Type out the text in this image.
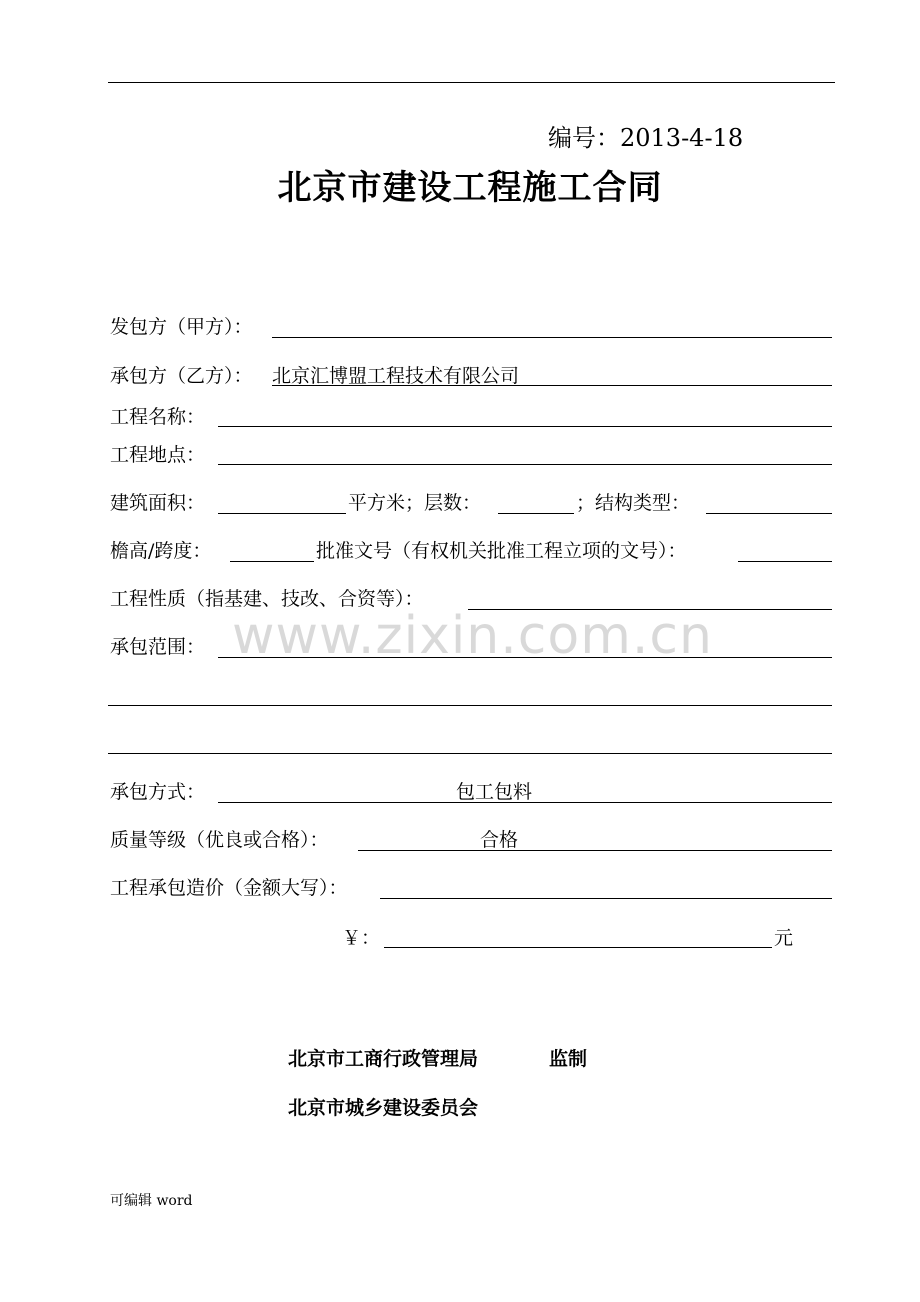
编号：2013-4-18
北京市建设工程施工合同
发包方（甲方）：
承包方（乙方）： 北京汇博盟工程技术有限公司
工程名称：
工程地点：
建筑面积：	平方米；层数：	；结构类型：
檐高/跨度：	批准文号（有权机关批准工程立项的文号）：
工程性质（指基建、技改、合资等）：
www.zixin.com.cn
承包范围：
承包方式：	包工包料
质量等级（优良或合格）：	合格
工程承包造价（金额大写）：
￥：	元
北京市工商行政管理局	监制
北京市城乡建设委员会
可编辑 word
